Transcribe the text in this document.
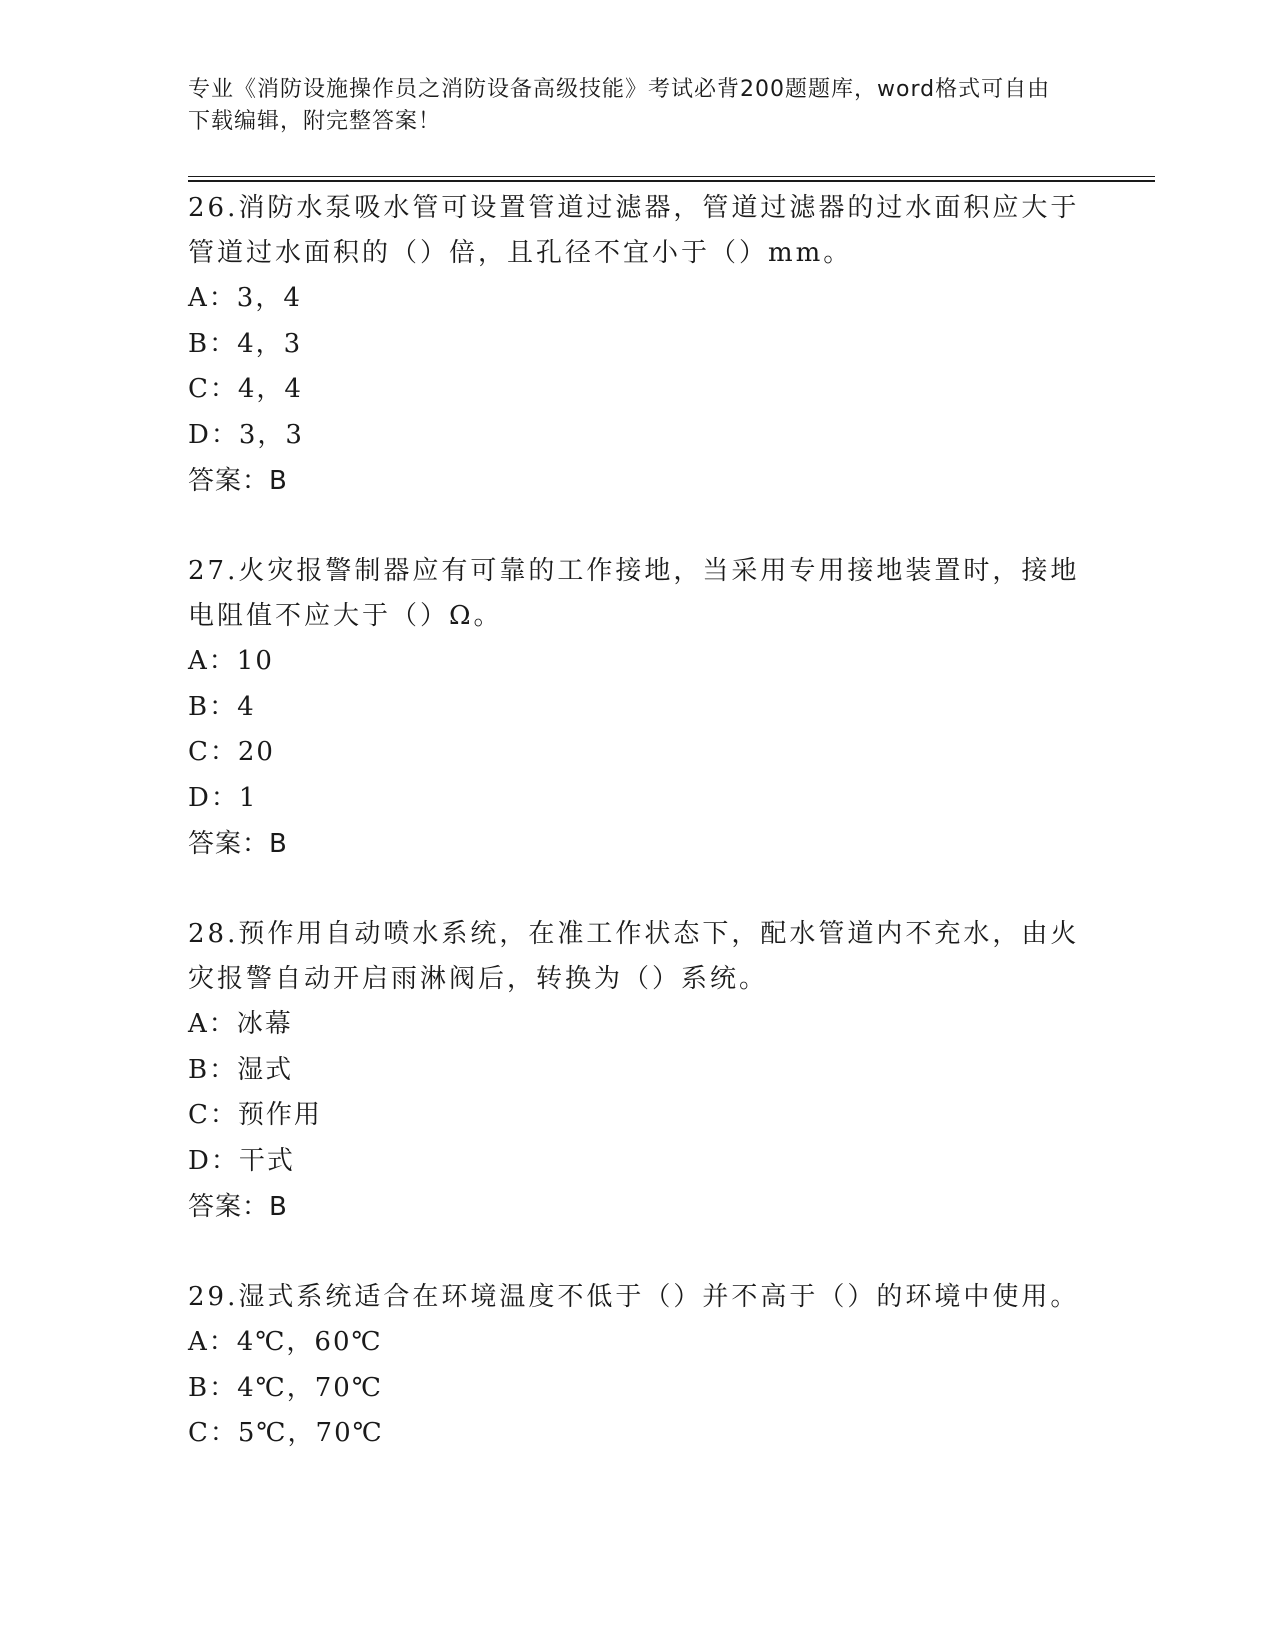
专业《消防设施操作员之消防设备高级技能》考试必背200题题库，word格式可自由下载编辑，附完整答案！

26.消防水泵吸水管可设置管道过滤器，管道过滤器的过水面积应大于管道过水面积的（）倍，且孔径不宜小于（）mm。

A：3，4

B：4，3

C：4，4

D：3，3

答案：B

27.火灾报警制器应有可靠的工作接地，当采用专用接地装置时，接地电阻值不应大于（）Ω。

A：10

B：4

C：20

D：1

答案：B

28.预作用自动喷水系统，在准工作状态下，配水管道内不充水，由火灾报警自动开启雨淋阀后，转换为（）系统。

A：冰幕

B：湿式

C：预作用

D：干式

答案：B

29.湿式系统适合在环境温度不低于（）并不高于（）的环境中使用。

A：4℃，60℃

B：4℃，70℃

C：5℃，70℃
